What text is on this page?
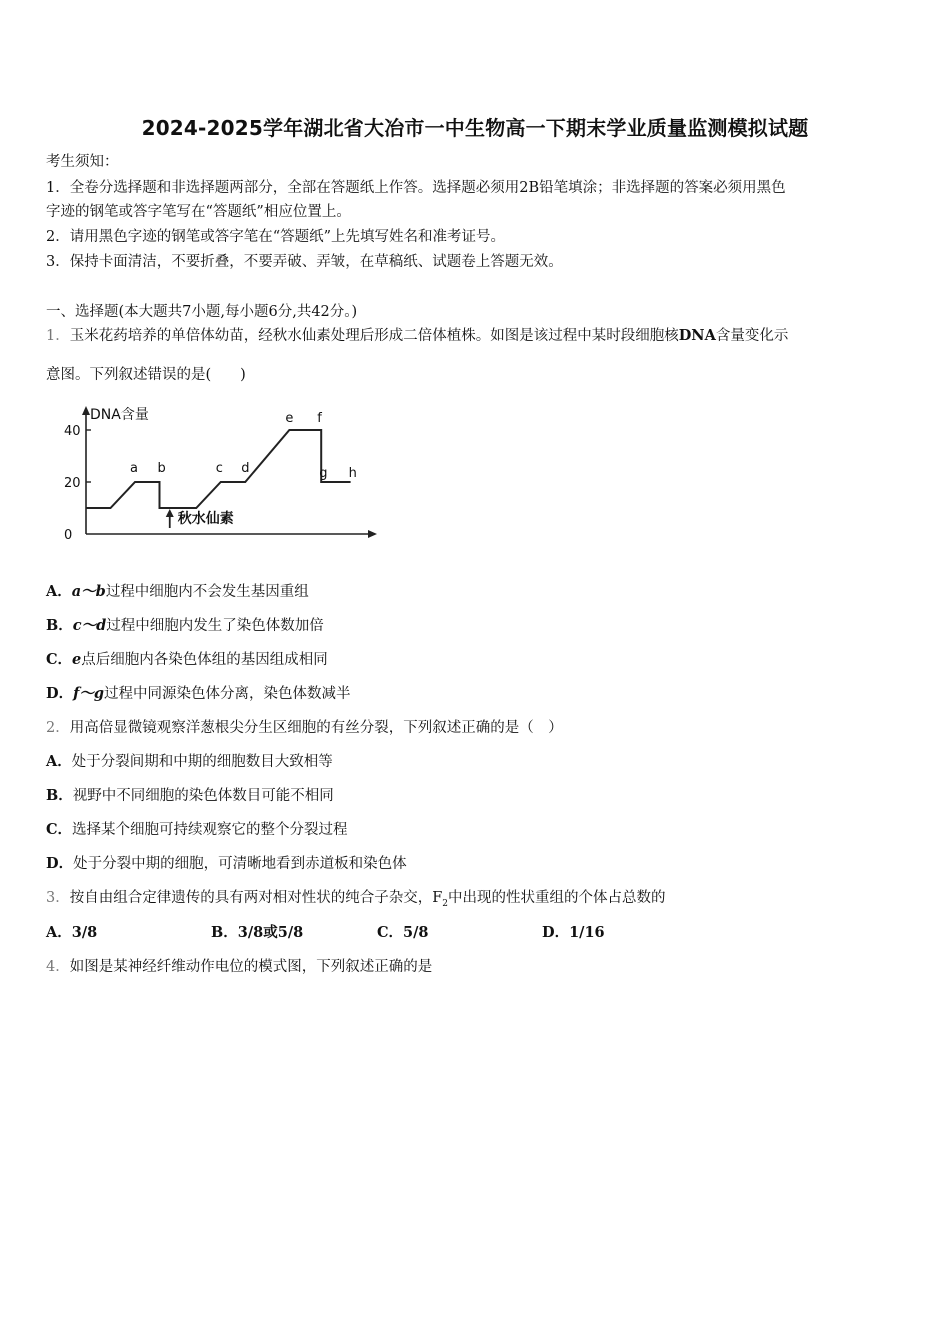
2024-2025学年湖北省大冶市一中生物高一下期末学业质量监测模拟试题
考生须知：
1．全卷分选择题和非选择题两部分，全部在答题纸上作答。选择题必须用2B铅笔填涂；非选择题的答案必须用黑色
字迹的钢笔或答字笔写在“答题纸”相应位置上。
2．请用黑色字迹的钢笔或答字笔在“答题纸”上先填写姓名和准考证号。
3．保持卡面清洁，不要折叠，不要弄破、弄皱，在草稿纸、试题卷上答题无效。
一、选择题(本大题共7小题,每小题6分,共42分。)
1．玉米花药培养的单倍体幼苗，经秋水仙素处理后形成二倍体植株。如图是该过程中某时段细胞核DNA含量变化示
意图。下列叙述错误的是(　　)
DNA含量
40
20
0
a b	c d
e f
g h
秋水仙素
A．a～b过程中细胞内不会发生基因重组
B．c～d过程中细胞内发生了染色体数加倍
C．e点后细胞内各染色体组的基因组成相同
D．f～g过程中同源染色体分离，染色体数减半
2．用高倍显微镜观察洋葱根尖分生区细胞的有丝分裂，下列叙述正确的是（　）
A．处于分裂间期和中期的细胞数目大致相等
B．视野中不同细胞的染色体数目可能不相同
C．选择某个细胞可持续观察它的整个分裂过程
D．处于分裂中期的细胞，可清晰地看到赤道板和染色体
3．按自由组合定律遗传的具有两对相对性状的纯合子杂交，$F_2$中出现的性状重组的个体占总数的
A．3/8	B．3/8或5/8	C．5/8	D．1/16
4．如图是某神经纤维动作电位的模式图，下列叙述正确的是
